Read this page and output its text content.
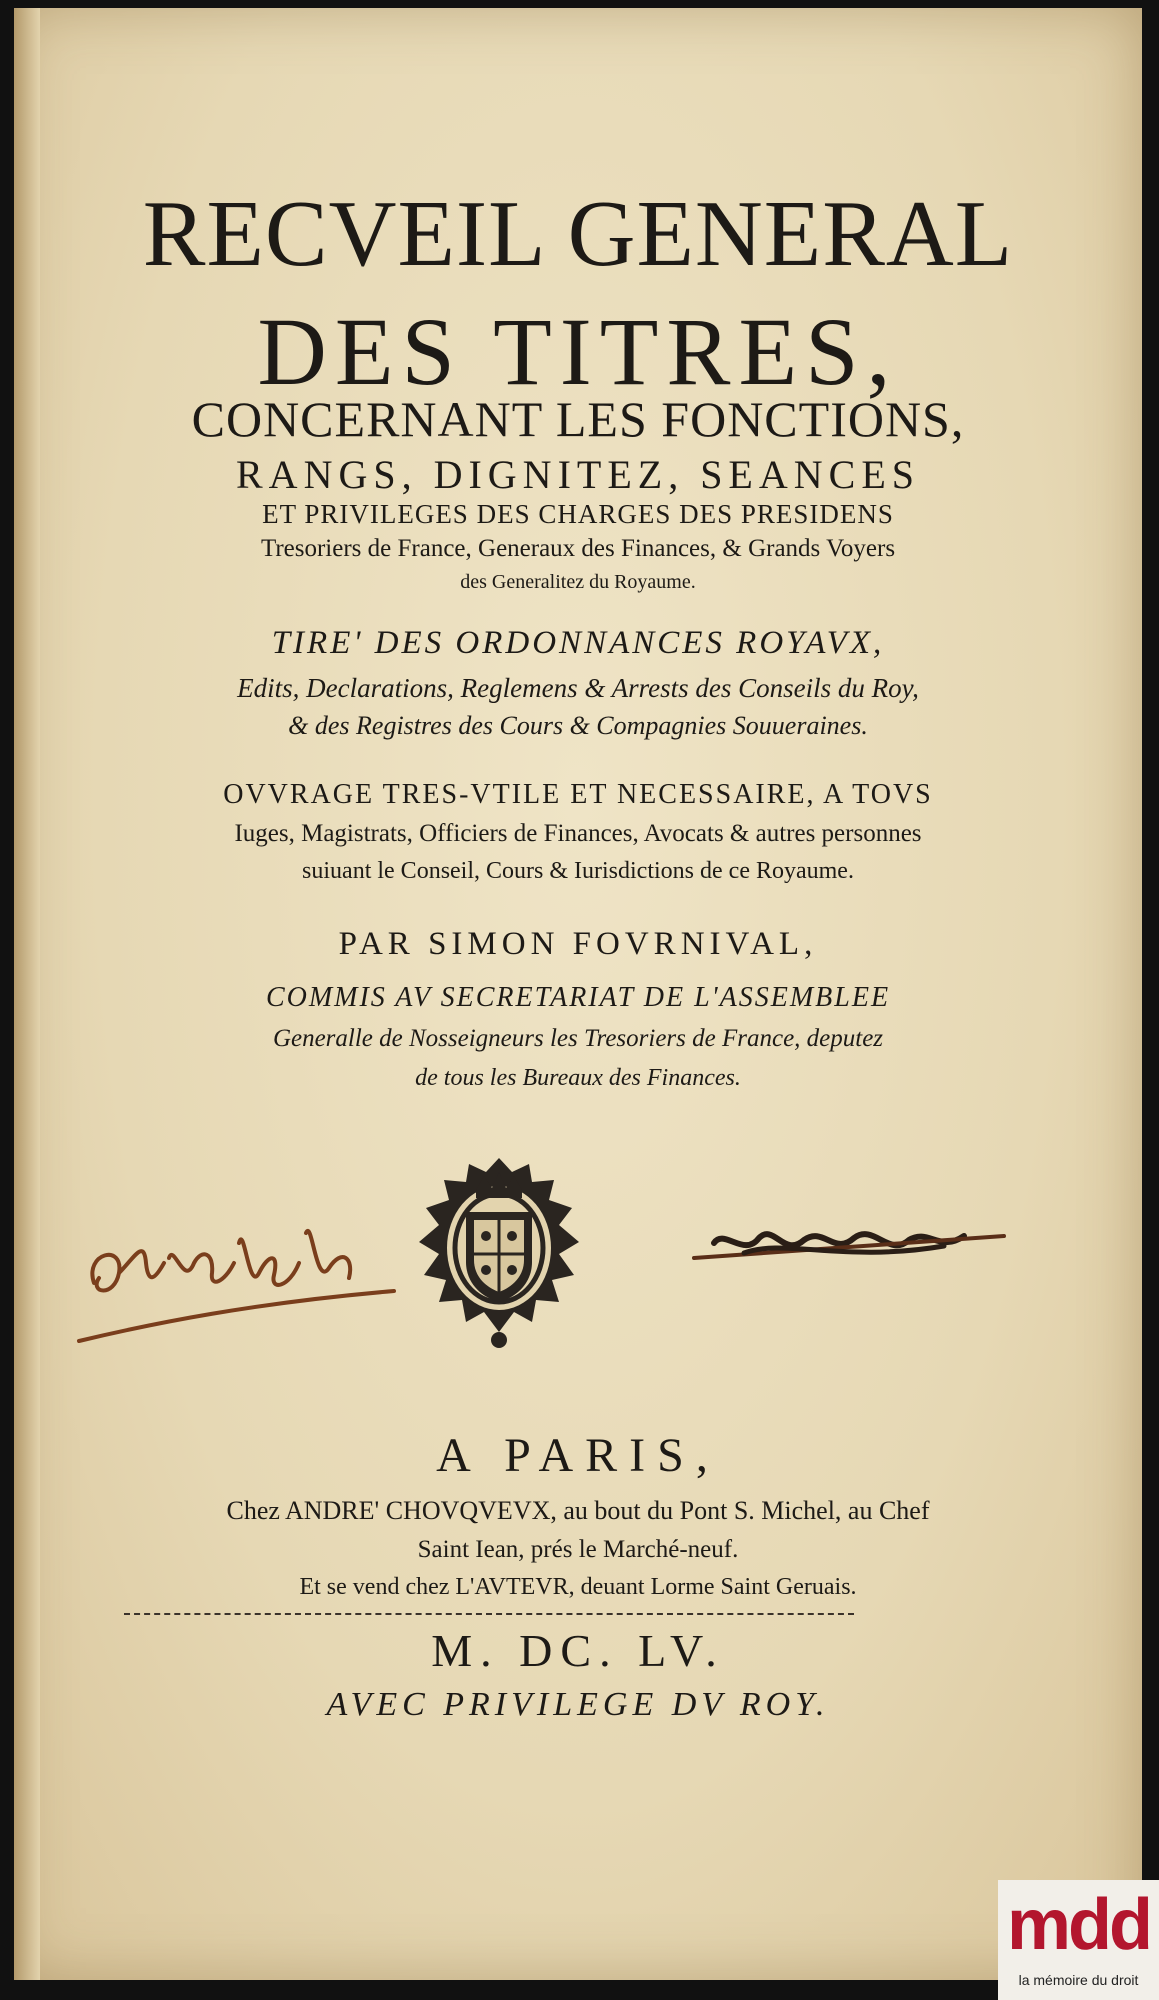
RECVEIL GENERAL
DES TITRES,
CONCERNANT LES FONCTIONS,
RANGS, DIGNITEZ, SEANCES
ET PRIVILEGES DES CHARGES DES PRESIDENS
Tresoriers de France, Generaux des Finances, & Grands Voyers
des Generalitez du Royaume.
TIRE' DES ORDONNANCES ROYAVX,
Edits, Declarations, Reglemens & Arrests des Conseils du Roy,
& des Registres des Cours & Compagnies Souueraines.
OVVRAGE TRES-VTILE ET NECESSAIRE, A TOVS
Iuges, Magistrats, Officiers de Finances, Avocats & autres personnes
suiuant le Conseil, Cours & Iurisdictions de ce Royaume.
PAR SIMON FOVRNIVAL,
COMMIS AV SECRETARIAT DE L'ASSEMBLEE
Generalle de Nosseigneurs les Tresoriers de France, deputez
de tous les Bureaux des Finances.
A PARIS,
Chez ANDRE' CHOVQVEVX, au bout du Pont S. Michel, au Chef
Saint Iean, prés le Marché-neuf.
Et se vend chez L'AVTEVR, deuant Lorme Saint Geruais.
M. DC. LV.
AVEC PRIVILEGE DV ROY.
mdd
la mémoire du droit
